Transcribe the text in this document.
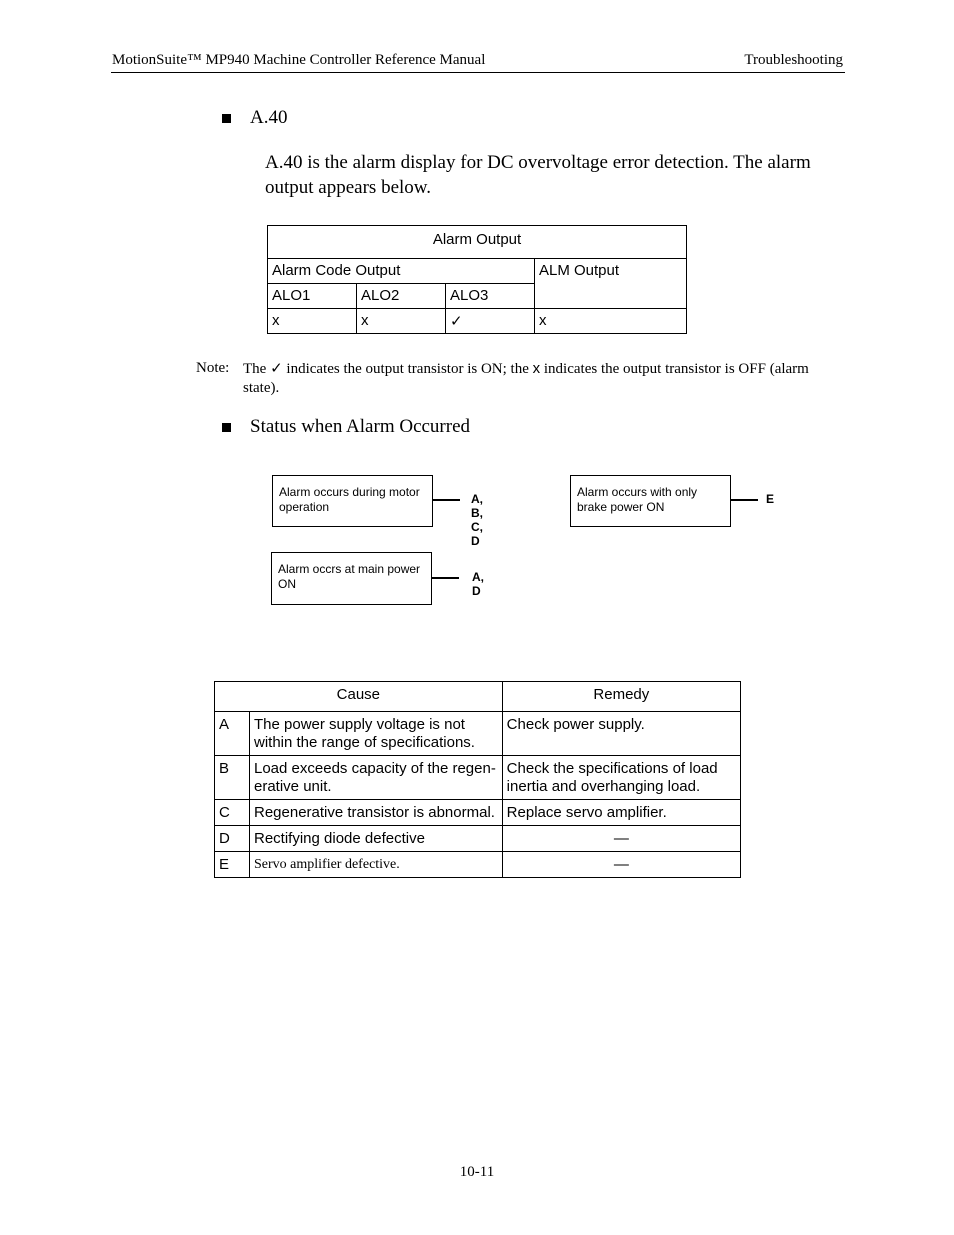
MotionSuite™ MP940 Machine Controller Reference Manual	Troubleshooting
A.40
A.40 is the alarm display for DC overvoltage error detection. The alarm output appears below.
Alarm Output			
Alarm Code Output			ALM Output
ALO1	ALO2	ALO3	
x	x	✓	x
Note: The ✓ indicates the output transistor is ON; the x indicates the output transistor is OFF (alarm state).
Status when Alarm Occurred
Alarm occurs during motor operation
A, B, C, D
Alarm occurs with only brake power ON
E
Alarm occrs at main power ON	A, D
Cause		Remedy
A	The power supply voltage is not within the range of specifications.	Check power supply.
B	Load exceeds capacity of the regen-erative unit.	Check the specifications of load inertia and overhanging load.
C	Regenerative transistor is abnormal.	Replace servo amplifier.
D	Rectifying diode defective	—
E	Servo amplifier defective.	—
10-11
